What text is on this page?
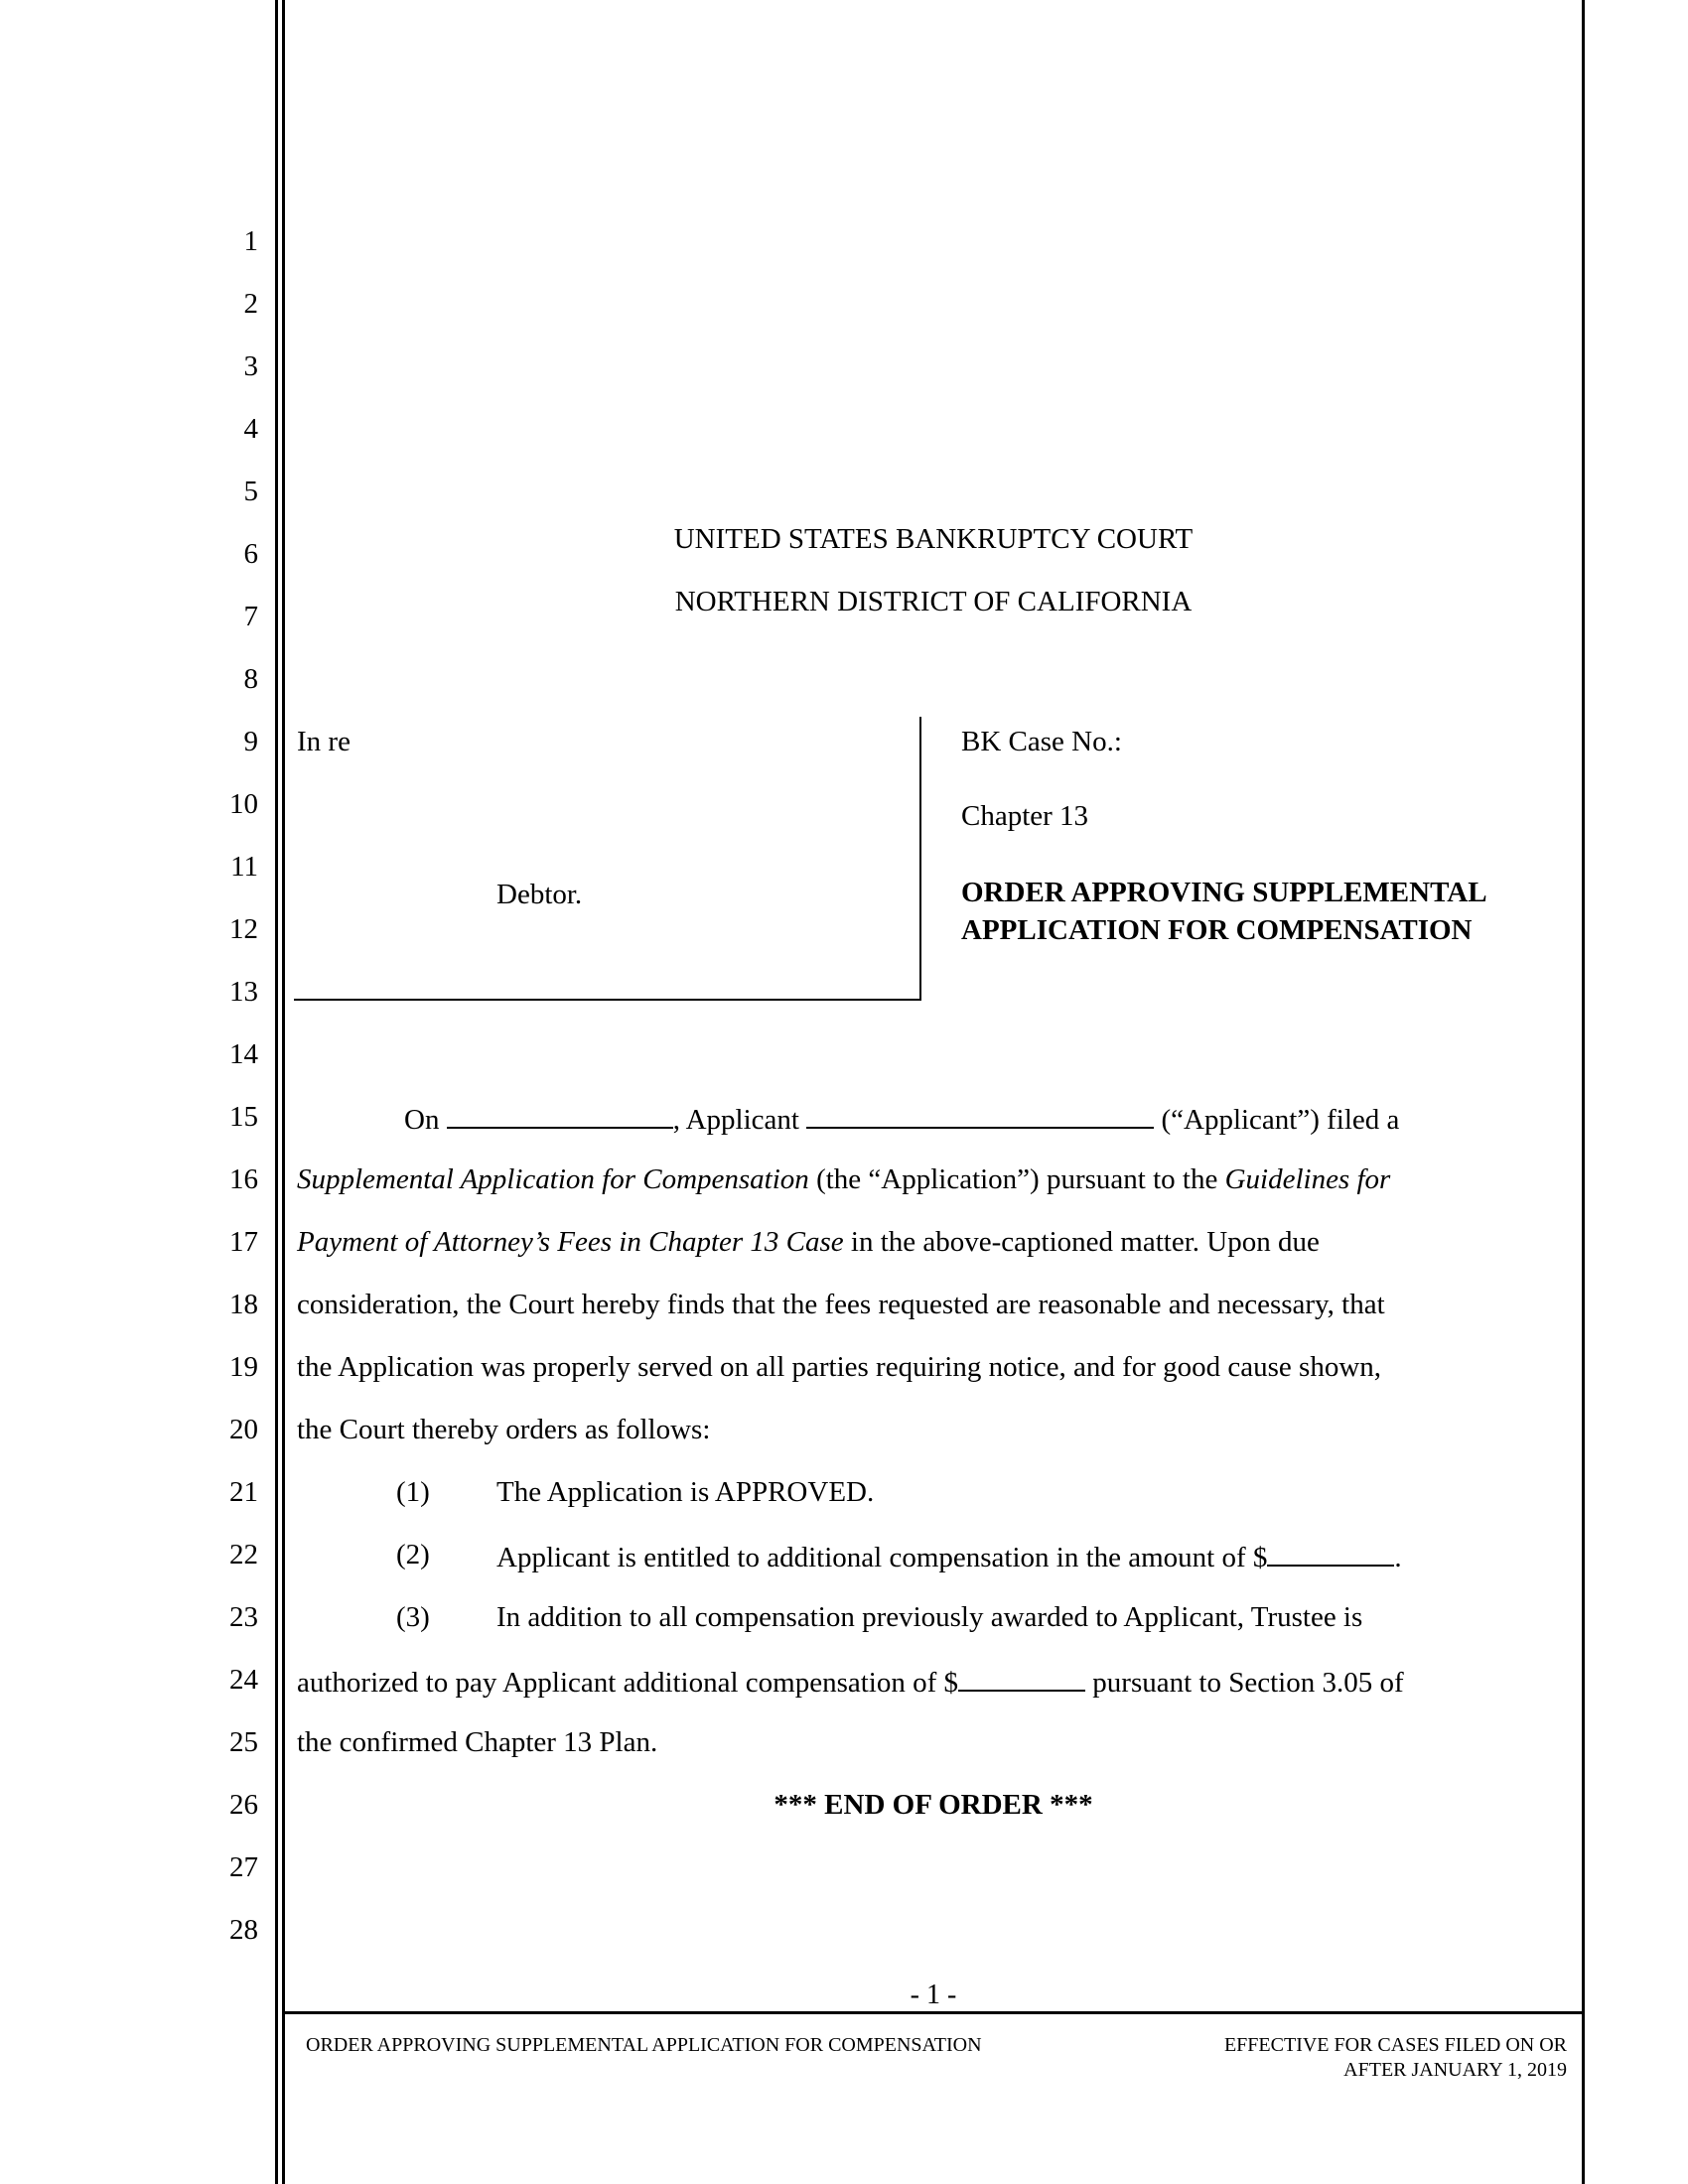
1
2
3
4
5
6
7
8
9
10
11
12
13
14
15
16
17
18
19
20
21
22
23
24
25
26
27
28
UNITED STATES BANKRUPTCY COURT
NORTHERN DISTRICT OF CALIFORNIA
In re
Debtor.
BK Case No.:
Chapter 13
ORDER APPROVING SUPPLEMENTAL
APPLICATION FOR COMPENSATION
On	, Applicant	(“Applicant”) filed a
Supplemental Application for Compensation (the “Application”) pursuant to the Guidelines for
Payment of Attorney’s Fees in Chapter 13 Case in the above-captioned matter. Upon due
consideration, the Court hereby finds that the fees requested are reasonable and necessary, that
the Application was properly served on all parties requiring notice, and for good cause shown,
the Court thereby orders as follows:
(1) The Application is APPROVED.
(2) Applicant is entitled to additional compensation in the amount of $	.
(3) In addition to all compensation previously awarded to Applicant, Trustee is
authorized to pay Applicant additional compensation of $	pursuant to Section 3.05 of
the confirmed Chapter 13 Plan.
*** END OF ORDER ***
- 1 -
ORDER APPROVING SUPPLEMENTAL APPLICATION FOR COMPENSATION	EFFECTIVE FOR CASES FILED ON OR
AFTER JANUARY 1, 2019
